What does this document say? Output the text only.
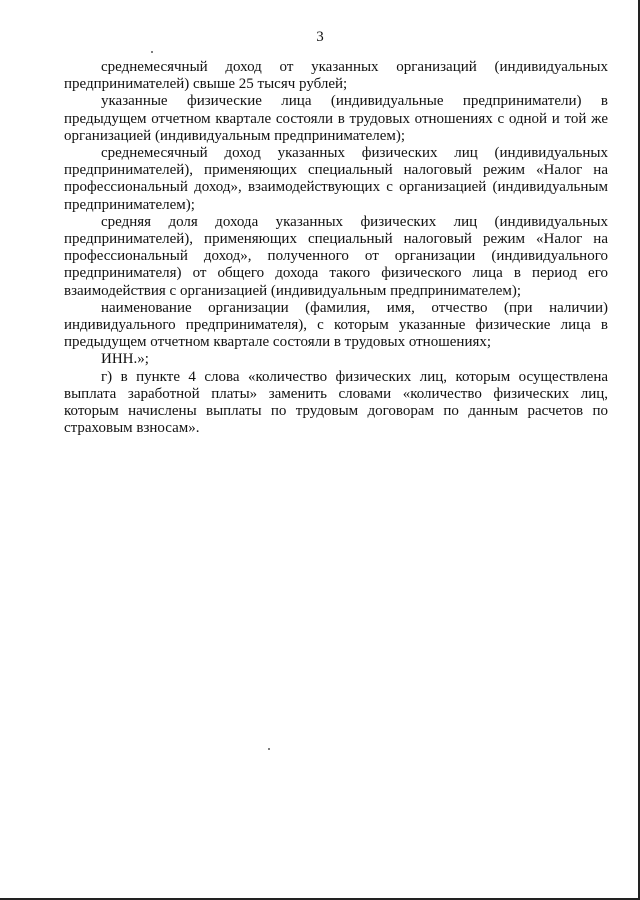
3

среднемесячный доход от указанных организаций (индивидуальных предпринимателей) свыше 25 тысяч рублей;

указанные физические лица (индивидуальные предприниматели) в предыдущем отчетном квартале состояли в трудовых отношениях с одной и той же организацией (индивидуальным предпринимателем);

среднемесячный доход указанных физических лиц (индивидуальных предпринимателей), применяющих специальный налоговый режим «Налог на профессиональный доход», взаимодействующих с организацией (индивидуальным предпринимателем);

средняя доля дохода указанных физических лиц (индивидуальных предпринимателей), применяющих специальный налоговый режим «Налог на профессиональный доход», полученного от организации (индивидуального предпринимателя) от общего дохода такого физического лица в период его взаимодействия с организацией (индивидуальным предпринимателем);

наименование организации (фамилия, имя, отчество (при наличии) индивидуального предпринимателя), с которым указанные физические лица в предыдущем отчетном квартале состояли в трудовых отношениях;

ИНН.»;

г) в пункте 4 слова «количество физических лиц, которым осуществлена выплата заработной платы» заменить словами «количество физических лиц, которым начислены выплаты по трудовым договорам по данным расчетов по страховым взносам».
